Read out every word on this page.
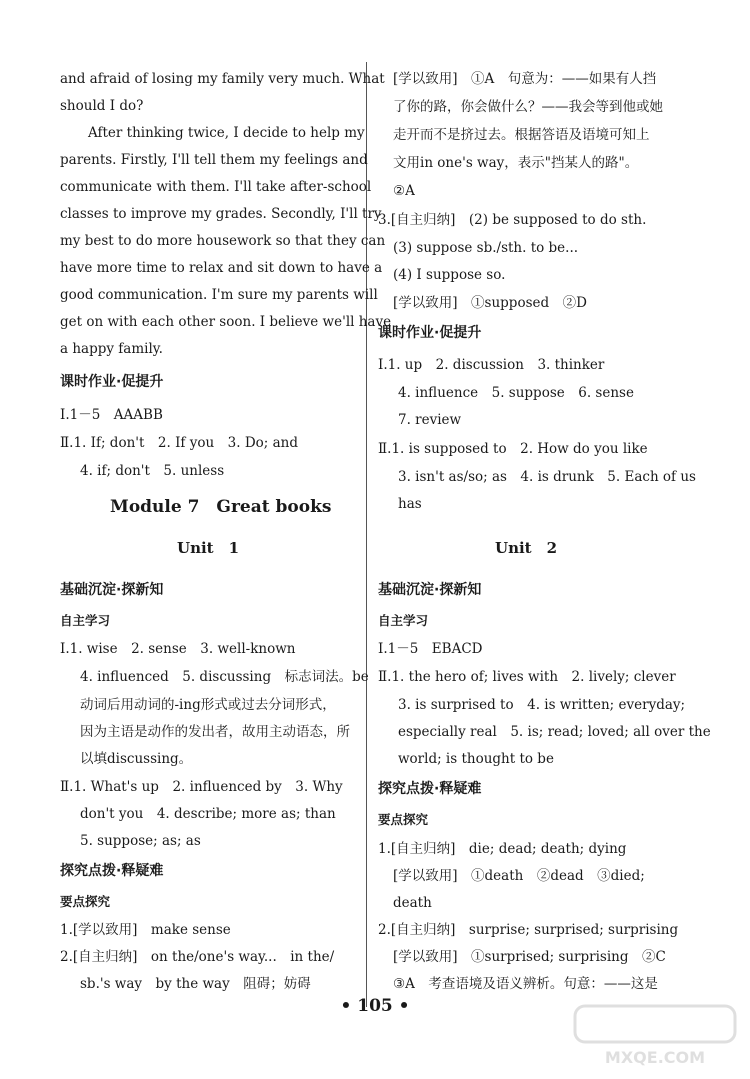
and afraid of losing my family very much. What
should I do?
After thinking twice, I decide to help my
parents. Firstly, I'll tell them my feelings and
communicate with them. I'll take after-school
classes to improve my grades. Secondly, I'll try
my best to do more housework so that they can
have more time to relax and sit down to have a
good communication. I'm sure my parents will
get on with each other soon. I believe we'll have
a happy family.
课时作业·促提升
Ⅰ.1－5　AAABB
Ⅱ.1. If; don't　2. If you　3. Do; and
4. if; don't　5. unless
Module 7　Great books
Unit　1
基础沉淀·探新知
自主学习
Ⅰ.1. wise　2. sense　3. well-known
4. influenced　5. discussing　标志词法。be
动词后用动词的-ing形式或过去分词形式，
因为主语是动作的发出者，故用主动语态，所
以填discussing。
Ⅱ.1. What's up　2. influenced by　3. Why
don't you　4. describe; more as; than
5. suppose; as; as
探究点拨·释疑难
要点探究
1.[学以致用]　make sense
2.[自主归纳]　on the/one's way...　in the/
sb.'s way　by the way　阻碍；妨碍
[学以致用]　①A　句意为：——如果有人挡
了你的路，你会做什么？——我会等到他或她
走开而不是挤过去。根据答语及语境可知上
文用in one's way，表示"挡某人的路"。
②A
3.[自主归纳]　(2) be supposed to do sth.
(3) suppose sb./sth. to be...
(4) I suppose so.
[学以致用]　①supposed　②D
课时作业·促提升
Ⅰ.1. up　2. discussion　3. thinker
4. influence　5. suppose　6. sense
7. review
Ⅱ.1. is supposed to　2. How do you like
3. isn't as/so; as　4. is drunk　5. Each of us
has
Unit　2
基础沉淀·探新知
自主学习
Ⅰ.1－5　EBACD
Ⅱ.1. the hero of; lives with　2. lively; clever
3. is surprised to　4. is written; everyday;
especially real　5. is; read; loved; all over the
world; is thought to be
探究点拨·释疑难
要点探究
1.[自主归纳]　die; dead; death; dying
[学以致用]　①death　②dead　③died;
death
2.[自主归纳]　surprise; surprised; surprising
[学以致用]　①surprised; surprising　②C
③A　考查语境及语义辨析。句意：——这是
• 105 •
MXQE.COM
